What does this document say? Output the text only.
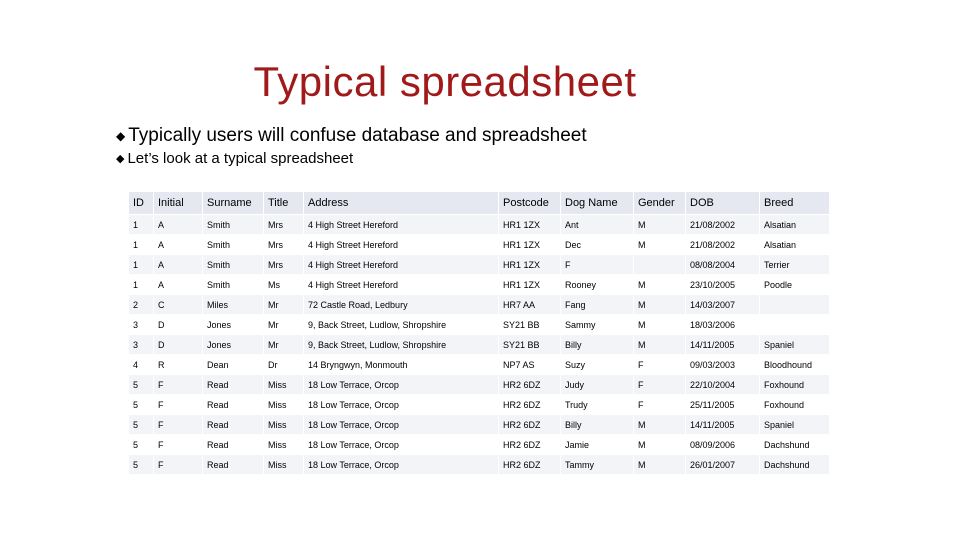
Typical spreadsheet
◆ Typically users will confuse database and spreadsheet
◆ Let’s look at a typical spreadsheet
ID	Initial	Surname	Title	Address	Postcode	Dog Name	Gender	DOB	Breed
1	A	Smith	Mrs	4 High Street Hereford	HR1 1ZX	Ant	M	21/08/2002	Alsatian
1	A	Smith	Mrs	4 High Street Hereford	HR1 1ZX	Dec	M	21/08/2002	Alsatian
1	A	Smith	Mrs	4 High Street Hereford	HR1 1ZX	F		08/08/2004	Terrier
1	A	Smith	Ms	4 High Street Hereford	HR1 1ZX	Rooney	M	23/10/2005	Poodle
2	C	Miles	Mr	72 Castle Road, Ledbury	HR7 AA	Fang	M	14/03/2007	
3	D	Jones	Mr	9, Back Street, Ludlow, Shropshire	SY21 BB	Sammy	M	18/03/2006	
3	D	Jones	Mr	9, Back Street, Ludlow, Shropshire	SY21 BB	Billy	M	14/11/2005	Spaniel
4	R	Dean	Dr	14 Bryngwyn, Monmouth	NP7 AS	Suzy	F	09/03/2003	Bloodhound
5	F	Read	Miss	18 Low Terrace, Orcop	HR2 6DZ	Judy	F	22/10/2004	Foxhound
5	F	Read	Miss	18 Low Terrace, Orcop	HR2 6DZ	Trudy	F	25/11/2005	Foxhound
5	F	Read	Miss	18 Low Terrace, Orcop	HR2 6DZ	Billy	M	14/11/2005	Spaniel
5	F	Read	Miss	18 Low Terrace, Orcop	HR2 6DZ	Jamie	M	08/09/2006	Dachshund
5	F	Read	Miss	18 Low Terrace, Orcop	HR2 6DZ	Tammy	M	26/01/2007	Dachshund
